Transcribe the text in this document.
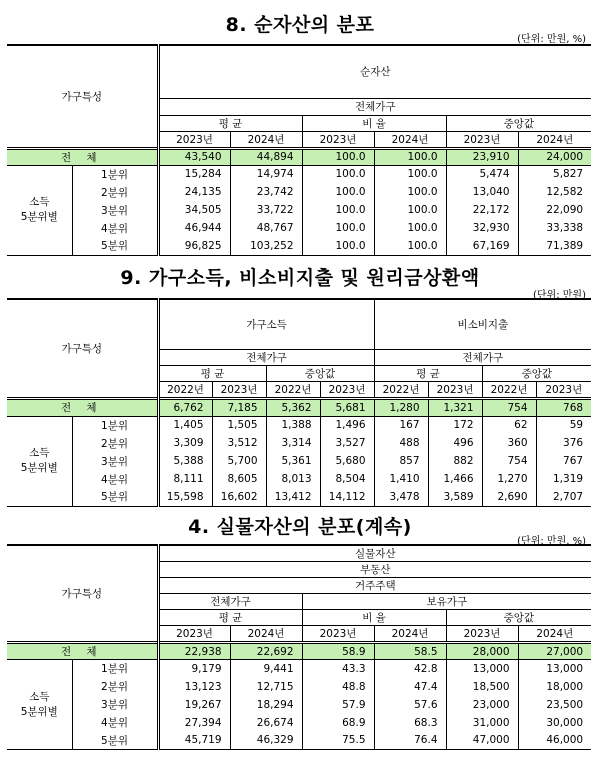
8. 순자산의 분포
(단위: 만원, %)
가구특성		순자산					
		전체가구					
		평 균		비 율		중앙값	
		2023년	2024년	2023년	2024년	2023년	2024년
전 체		43,540	44,894	100.0	100.0	23,910	24,000

소득
5분위별	1분위	15,284	14,974	100.0	100.0	5,474	5,827
	2분위	24,135	23,742	100.0	100.0	13,040	12,582
	3분위	34,505	33,722	100.0	100.0	22,172	22,090
	4분위	46,944	48,767	100.0	100.0	32,930	33,338
	5분위	96,825	103,252	100.0	100.0	67,169	71,389
9. 가구소득, 비소비지출 및 원리금상환액
(단위: 만원)
가구특성		가구소득				비소비지출			
		전체가구				전체가구			
		평 균		중앙값		평 균		중앙값	
		2022년	2023년	2022년	2023년	2022년	2023년	2022년	2023년
전 체		6,762	7,185	5,362	5,681	1,280	1,321	754	768

소득
5분위별	1분위	1,405	1,505	1,388	1,496	167	172	62	59
	2분위	3,309	3,512	3,314	3,527	488	496	360	376
	3분위	5,388	5,700	5,361	5,680	857	882	754	767
	4분위	8,111	8,605	8,013	8,504	1,410	1,466	1,270	1,319
	5분위	15,598	16,602	13,412	14,112	3,478	3,589	2,690	2,707
4. 실물자산의 분포(계속)
(단위: 만원, %)
가구특성		실물자산					
		부동산					
		거주주택					
		전체가구		보유가구			
		평 균		비 율		중앙값	
		2023년	2024년	2023년	2024년	2023년	2024년
전 체		22,938	22,692	58.9	58.5	28,000	27,000

소득
5분위별	1분위	9,179	9,441	43.3	42.8	13,000	13,000
	2분위	13,123	12,715	48.8	47.4	18,500	18,000
	3분위	19,267	18,294	57.9	57.6	23,000	23,500
	4분위	27,394	26,674	68.9	68.3	31,000	30,000
	5분위	45,719	46,329	75.5	76.4	47,000	46,000
